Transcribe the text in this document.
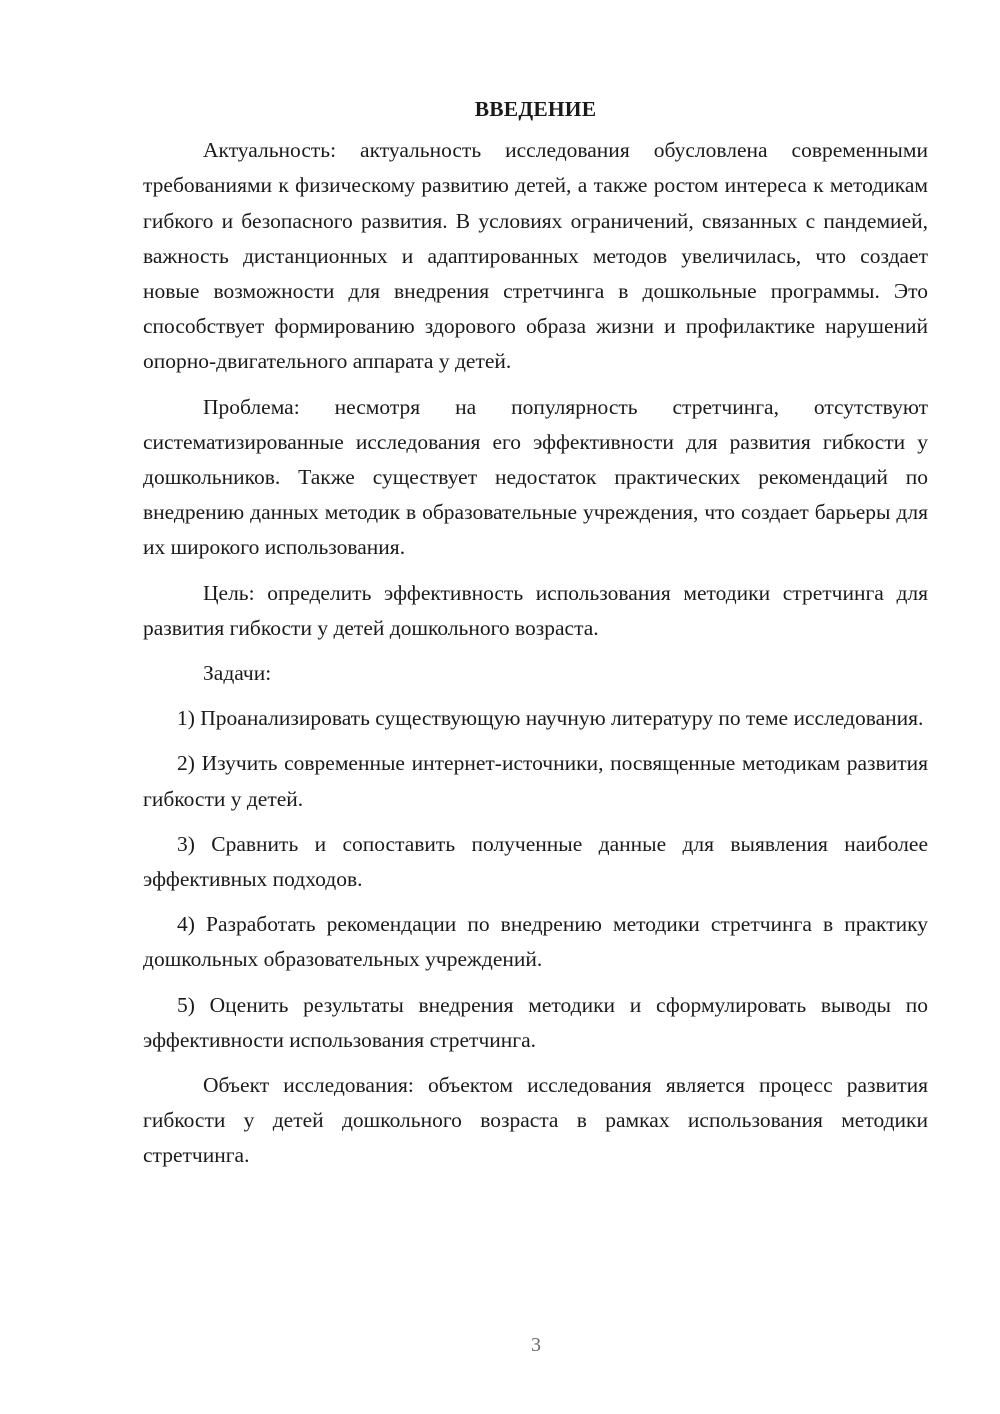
ВВЕДЕНИЕ

Актуальность: актуальность исследования обусловлена современными требованиями к физическому развитию детей, а также ростом интереса к методикам гибкого и безопасного развития. В условиях ограничений, связанных с пандемией, важность дистанционных и адаптированных методов увеличилась, что создает новые возможности для внедрения стретчинга в дошкольные программы. Это способствует формированию здорового образа жизни и профилактике нарушений опорно-двигательного аппарата у детей.

Проблема: несмотря на популярность стретчинга, отсутствуют систематизированные исследования его эффективности для развития гибкости у дошкольников. Также существует недостаток практических рекомендаций по внедрению данных методик в образовательные учреждения, что создает барьеры для их широкого использования.

Цель: определить эффективность использования методики стретчинга для развития гибкости у детей дошкольного возраста.

Задачи:

1) Проанализировать существующую научную литературу по теме исследования.

2) Изучить современные интернет-источники, посвященные методикам развития гибкости у детей.

3) Сравнить и сопоставить полученные данные для выявления наиболее эффективных подходов.

4) Разработать рекомендации по внедрению методики стретчинга в практику дошкольных образовательных учреждений.

5) Оценить результаты внедрения методики и сформулировать выводы по эффективности использования стретчинга.

Объект исследования: объектом исследования является процесс развития гибкости у детей дошкольного возраста в рамках использования методики стретчинга.

3
